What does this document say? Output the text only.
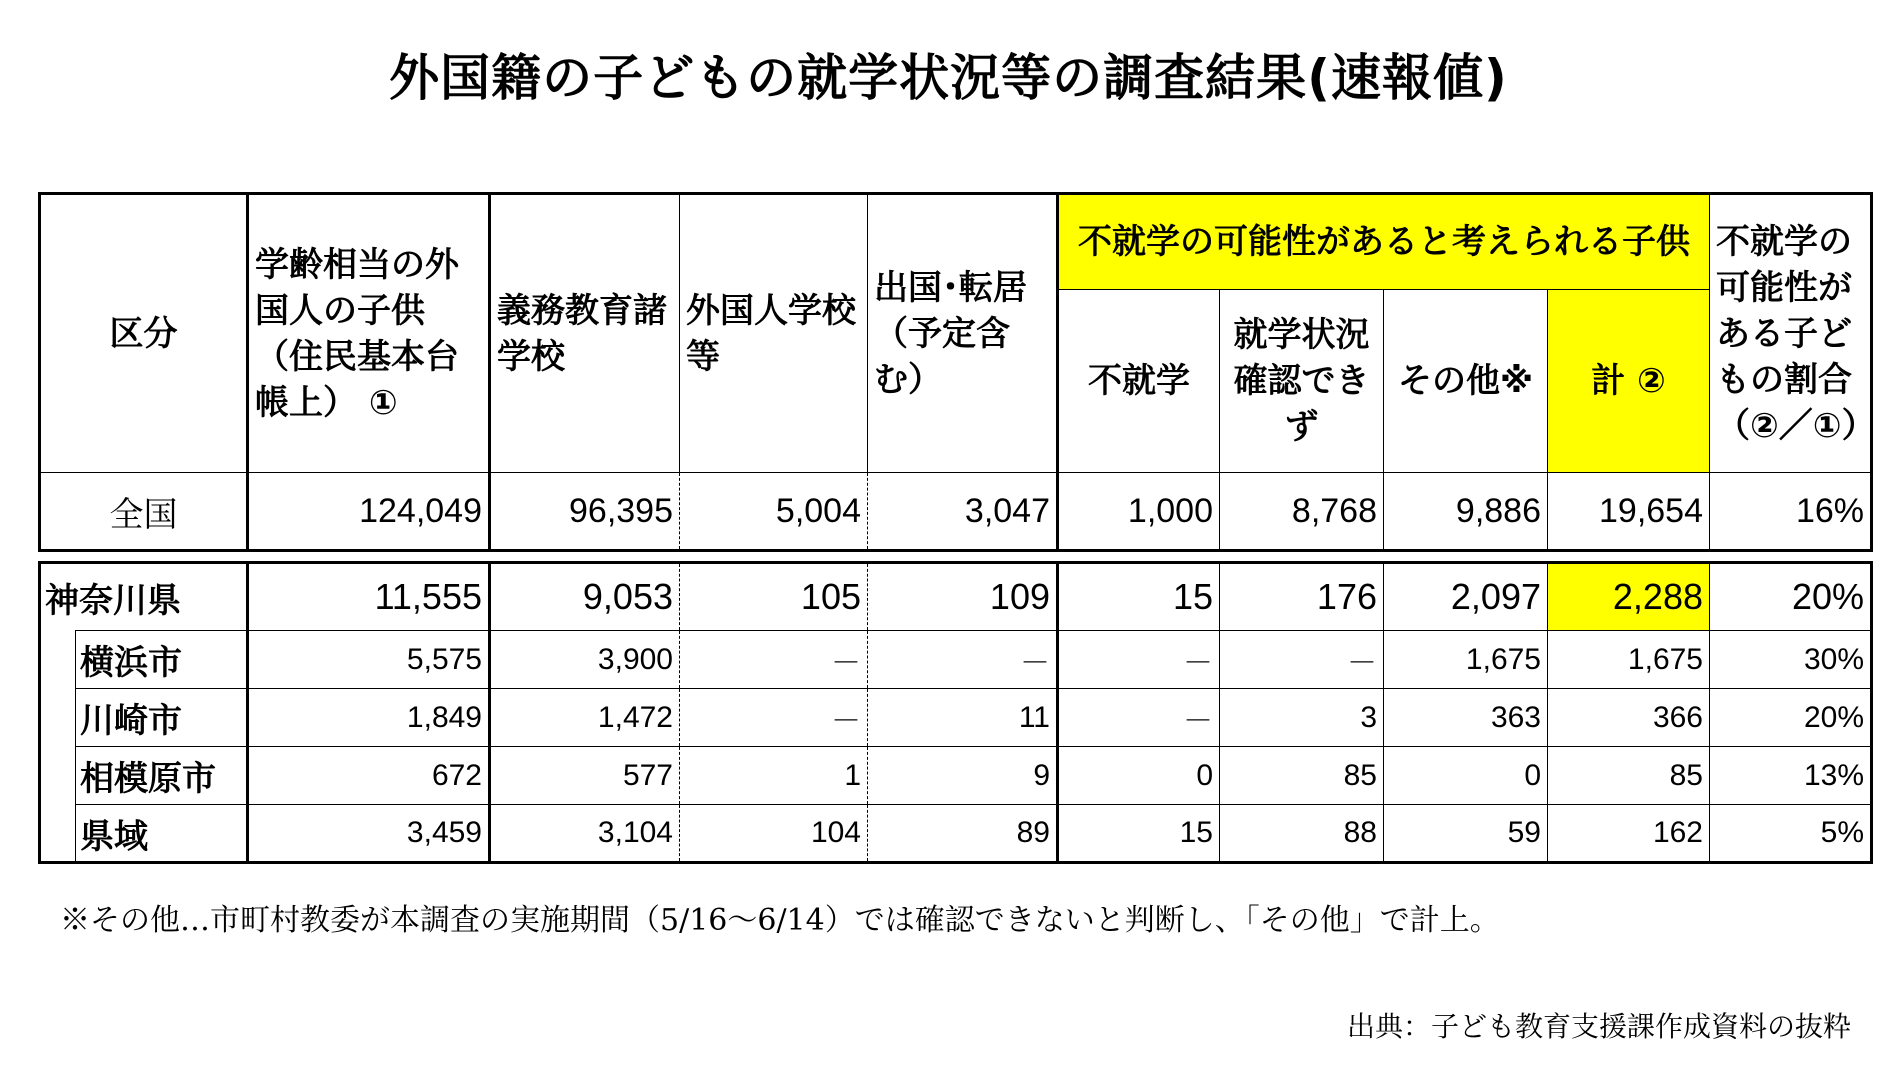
外国籍の子どもの就学状況等の調査結果(速報値)
区分		学齢相当の外国人の子供（住民基本台帳上） ①	義務教育諸学校	外国人学校等	出国･転居（予定含む）	不就学の可能性があると考えられる子供				不就学の可能性がある子どもの割合（②／①）
						不就学	就学状況確認できず	その他※	計 ②	
全国		124,049	96,395	5,004	3,047	1,000	8,768	9,886	19,654	16%

神奈川県		11,555	9,053	105	109	15	176	2,097	2,288	20%
	横浜市	5,575	3,900	－	－	－	－	1,675	1,675	30%
	川崎市	1,849	1,472	－	11	－	3	363	366	20%
	相模原市	672	577	1	9	0	85	0	85	13%
	県域	3,459	3,104	104	89	15	88	59	162	5%
※その他…市町村教委が本調査の実施期間（5/16～6/14）では確認できないと判断し、「その他」で計上。
出典：子ども教育支援課作成資料の抜粋
